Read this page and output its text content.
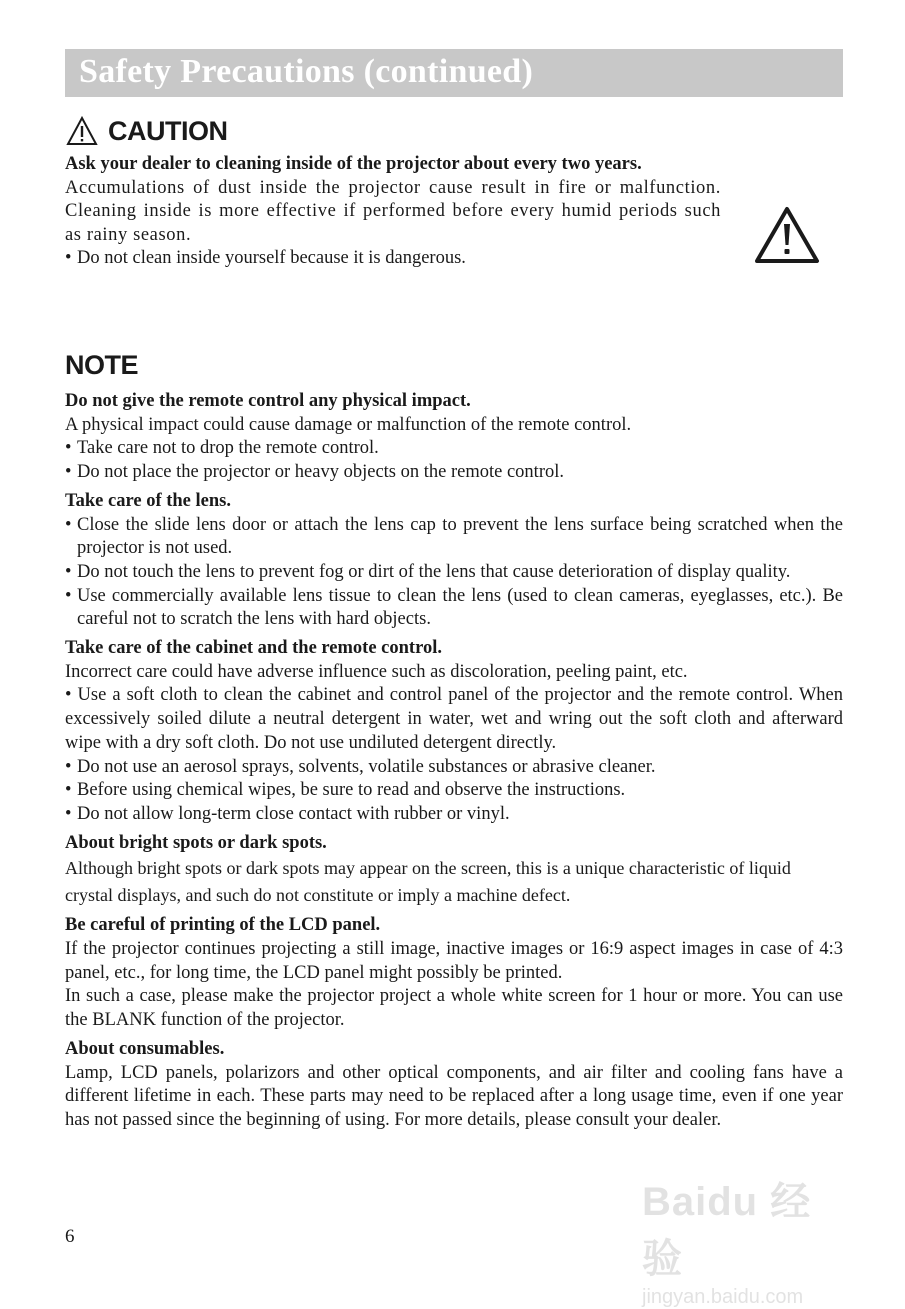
Safety Precautions (continued)
CAUTION
Ask your dealer to cleaning inside of the projector about every two years.
Accumulations of dust inside the projector cause result in fire or malfunction. Cleaning inside is more effective if performed before every humid periods such as rainy season.
• Do not clean inside yourself because it is dangerous.
NOTE
Do not give the remote control any physical impact.
A physical impact could cause damage or malfunction of the remote control.
• Take care not to drop the remote control.
• Do not place the projector or heavy objects on the remote control.
Take care of the lens.
• Close the slide lens door or attach the lens cap to prevent the lens surface being scratched when the projector is not used.
• Do not touch the lens to prevent fog or dirt of the lens that cause deterioration of display quality.
• Use commercially available lens tissue to clean the lens (used to clean cameras, eyeglasses, etc.). Be careful not to scratch the lens with hard objects.
Take care of the cabinet and the remote control.
Incorrect care could have adverse influence such as discoloration, peeling paint, etc.
• Use a soft cloth to clean the cabinet and control panel of the projector and the remote control. When excessively soiled dilute a neutral detergent in water, wet and wring out the soft cloth and afterward wipe with a dry soft cloth. Do not use undiluted detergent directly.
• Do not use an aerosol sprays, solvents, volatile substances or abrasive cleaner.
• Before using chemical wipes, be sure to read and observe the instructions.
• Do not allow long-term close contact with rubber or vinyl.
About bright spots or dark spots.
Although bright spots or dark spots may appear on the screen, this is a unique characteristic of liquid crystal displays, and such do not constitute or imply a machine defect.
Be careful of printing of the LCD panel.
If the projector continues projecting a still image, inactive images or 16:9 aspect images in case of 4:3 panel, etc., for long time, the LCD panel might possibly be printed.
In such a case, please make the projector project a whole white screen for 1 hour or more. You can use the BLANK function of the projector.
About consumables.
Lamp, LCD panels, polarizors and other optical components, and air filter and cooling fans have a different lifetime in each. These parts may need to be replaced after a long usage time, even if one year has not passed since the beginning of using. For more details, please consult your dealer.
6
Baidu 经验
jingyan.baidu.com
